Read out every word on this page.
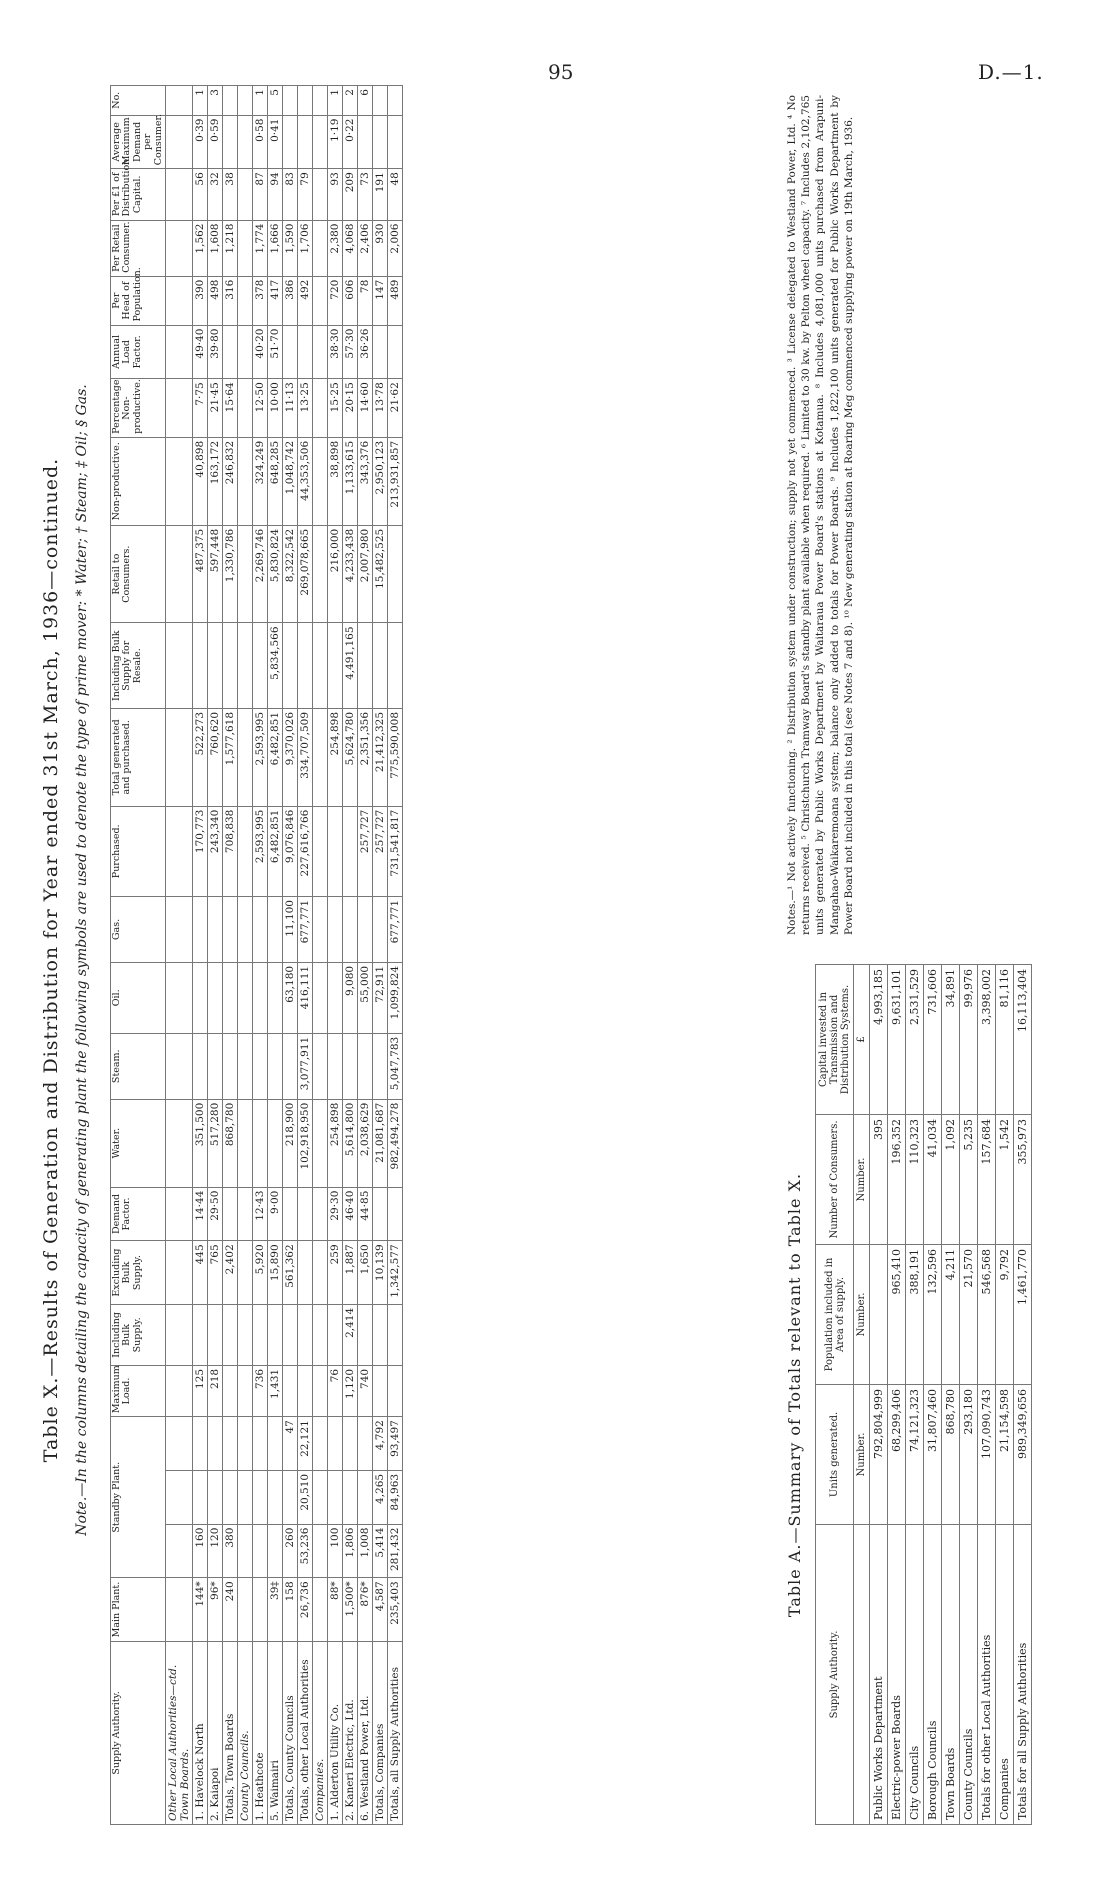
95	D.—1.
Table X.—Results of Generation and Distribution for Year ended 31st March, 1936—continued. Note.—In the columns detailing the capacity of generating plant the following symbols are used to denote the type of prime mover: * Water; † Steam; ‡ Oil; § Gas.
Supply Authority.	Main Plant.	Standby Plant.			Maximum Load.	Including Bulk Supply.	Excluding Bulk Supply.	Demand Factor.	Water.	Steam.	Oil.	Gas.	Purchased.	Total generated and purchased.	Including Bulk Supply for Resale.	Retail to Consumers.	Non-productive.	Percentage Non-productive.	Annual Load Factor.	Per Head of Population.	Per Retail Consumer.	Per £1 of Distribution Capital.	Average Maximum Demand per Consumer.	No.
Other Local Authorities—ctd. Town Boards.																								
1. Havelock North	144*	160			125		445	14·44	351,500				170,773	522,273		487,375	40,898	7·75	49·40	390	1,562	56	0·39	1
2. Kaiapoi	96*	120			218		765	29·50	517,280				243,340	760,620		597,448	163,172	21·45	39·80	498	1,608	32	0·59	3
Totals, Town Boards	240	380					2,402		868,780				708,838	1,577,618		1,330,786	246,832	15·64		316	1,218	38		
County Councils.																								
1. Heathcote					736		5,920	12·43					2,593,995	2,593,995		2,269,746	324,249	12·50	40·20	378	1,774	87	0·58	1
5. Waimairi	39‡				1,431		15,890	9·00					6,482,851	6,482,851	5,834,566	5,830,824	648,285	10·00	51·70	417	1,666	94	0·41	5
Totals, County Councils	158	260		47			561,362		218,900		63,180	11,100	9,076,846	9,370,026		8,322,542	1,048,742	11·13		386	1,590	83		
Totals, other Local Authorities	26,736	53,236	20,510	22,121					102,918,950	3,077,911	416,111	677,771	227,616,766	334,707,509		269,078,665	44,353,506	13·25		492	1,706	79		
Companies.																								
1. Alderton Utility Co.	88*	100			76		259	29·30	254,898					254,898		216,000	38,898	15·25	38·30	720	2,380	93	1·19	1
2. Kaneri Electric, Ltd.	1,500*	1,806			1,120	2,414	1,887	46·40	5,614,800		9,080			5,624,780	4,491,165	4,233,438	1,133,615	20·15	57·30	606	4,068	209	0·22	2
6. Westland Power, Ltd.	876*	1,008			740		1,650	44·85	2,038,629		55,000		257,727	2,351,356		2,007,980	343,376	14·60	36·26	78	2,406	73		6
Totals, Companies	4,587	5,414	4,265	4,792			10,139		21,081,687		72,911		257,727	21,412,325		15,482,525	2,950,123	13·78		147	930	191		
Totals, all Supply Authorities	235,403	281,432	84,963	93,497			1,342,577		982,494,278	5,047,783	1,099,824	677,771	731,541,817	775,590,008			213,931,857	21·62		489	2,006	48		
Table A.—Summary of Totals relevant to Table X.
Supply Authority.	Units generated.	Population included in Area of supply.	Number of Consumers.	Capital invested in Transmission and Distribution Systems.
	Number.	Number.	Number.	£
Public Works Department	792,804,999		395	4,993,185
Electric-power Boards	68,299,406	965,410	196,352	9,631,101
City Councils	74,121,323	388,191	110,323	2,531,529
Borough Councils	31,807,460	132,596	41,034	731,606
Town Boards	868,780	4,211	1,092	34,891
County Councils	293,180	21,570	5,235	99,976
Totals for other Local Authorities	107,090,743	546,568	157,684	3,398,002
Companies	21,154,598	9,792	1,542	81,116
Totals for all Supply Authorities	989,349,656	1,461,770	355,973	16,113,404
Notes.—¹ Not actively functioning. ² Distribution system under construction; supply not yet commenced. ³ License delegated to Westland Power, Ltd. ⁴ No returns received. ⁵ Christchurch Tramway Board's standby plant available when required. ⁶ Limited to 30 kw. by Pelton wheel capacity. ⁷ Includes 2,102,765 units generated by Public Works Department by Waitaraua Power Board's stations at Kotamua. ⁸ Includes 4,081,000 units purchased from Arapuni-Mangahao-Waikaremoana system; balance only added to totals for Power Boards. ⁹ Includes 1,822,100 units generated for Public Works Department by Power Board not included in this total (see Notes 7 and 8). ¹⁰ New generating station at Roaring Meg commenced supplying power on 19th March, 1936.
